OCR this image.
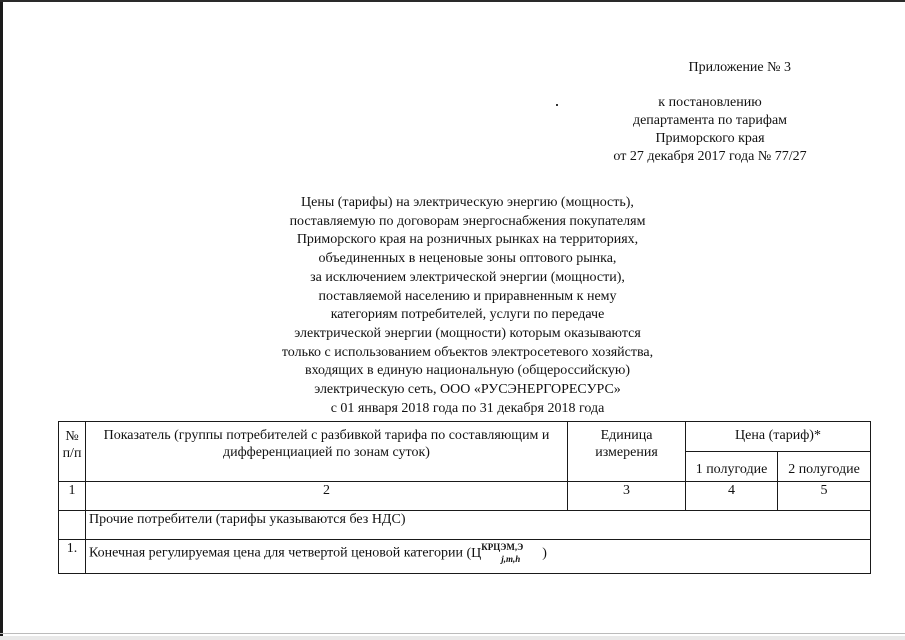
Приложение № 3
к постановлению
департамента по тарифам
Приморского края
от 27 декабря 2017 года № 77/27
Цены (тарифы) на электрическую энергию (мощность),
поставляемую по договорам энергоснабжения покупателям
Приморского края на розничных рынках на территориях,
объединенных в неценовые зоны оптового рынка,
за исключением электрической энергии (мощности),
поставляемой населению и приравненным к нему
категориям потребителей, услуги по передаче
электрической энергии (мощности) которым оказываются
только с использованием объектов электросетевого хозяйства,
входящих в единую национальную (общероссийскую)
электрическую сеть, ООО «РУСЭНЕРГОРЕСУРС»
с 01 января 2018 года по 31 декабря 2018 года
№ п/п	Показатель (группы потребителей с разбивкой тарифа по составляющим и дифференциацией по зонам суток)	Единица измерения	Цена (тариф)*	
			1 полугодие	2 полугодие
1	2	3	4	5
	Прочие потребители (тарифы указываются без НДС)			
1.	Конечная регулируемая цена для четвертой ценовой категории ($Ц^{КРЦЭМ,Э}_{j,m,h}$ )			
